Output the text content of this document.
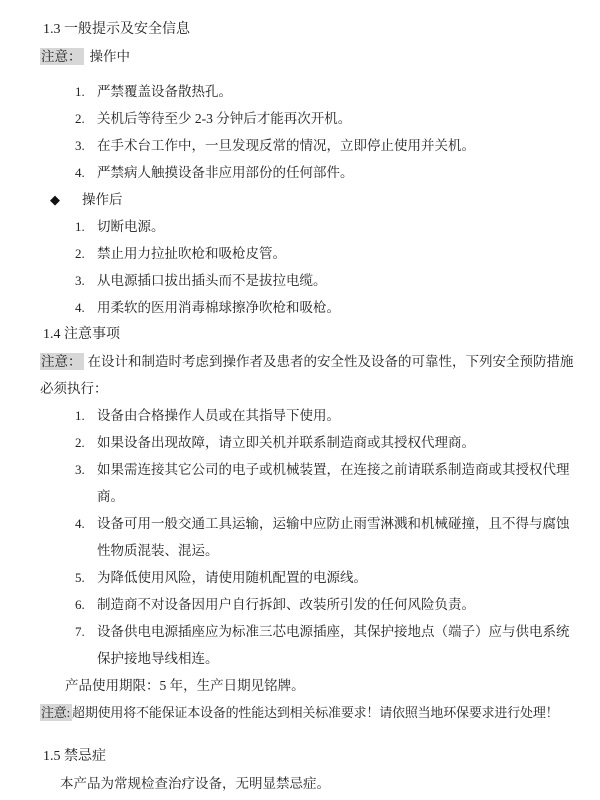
1.3 一般提示及安全信息
注意： 操作中
1. 严禁覆盖设备散热孔。
2. 关机后等待至少 2-3 分钟后才能再次开机。
3. 在手术台工作中，一旦发现反常的情况，立即停止使用并关机。
4. 严禁病人触摸设备非应用部份的任何部件。
◆ 操作后
1. 切断电源。
2. 禁止用力拉扯吹枪和吸枪皮管。
3. 从电源插口拔出插头而不是拔拉电缆。
4. 用柔软的医用消毒棉球擦净吹枪和吸枪。
1.4 注意事项
注意： 在设计和制造时考虑到操作者及患者的安全性及设备的可靠性，下列安全预防措施必须执行：
1. 设备由合格操作人员或在其指导下使用。
2. 如果设备出现故障，请立即关机并联系制造商或其授权代理商。
3. 如果需连接其它公司的电子或机械装置，在连接之前请联系制造商或其授权代理商。
4. 设备可用一般交通工具运输，运输中应防止雨雪淋溅和机械碰撞，且不得与腐蚀性物质混装、混运。
5. 为降低使用风险，请使用随机配置的电源线。
6. 制造商不对设备因用户自行拆卸、改装所引发的任何风险负责。
7. 设备供电电源插座应为标准三芯电源插座，其保护接地点（端子）应与供电系统保护接地导线相连。
产品使用期限：5 年，生产日期见铭牌。
注意: 超期使用将不能保证本设备的性能达到相关标准要求！请依照当地环保要求进行处理！
1.5 禁忌症
本产品为常规检查治疗设备，无明显禁忌症。
